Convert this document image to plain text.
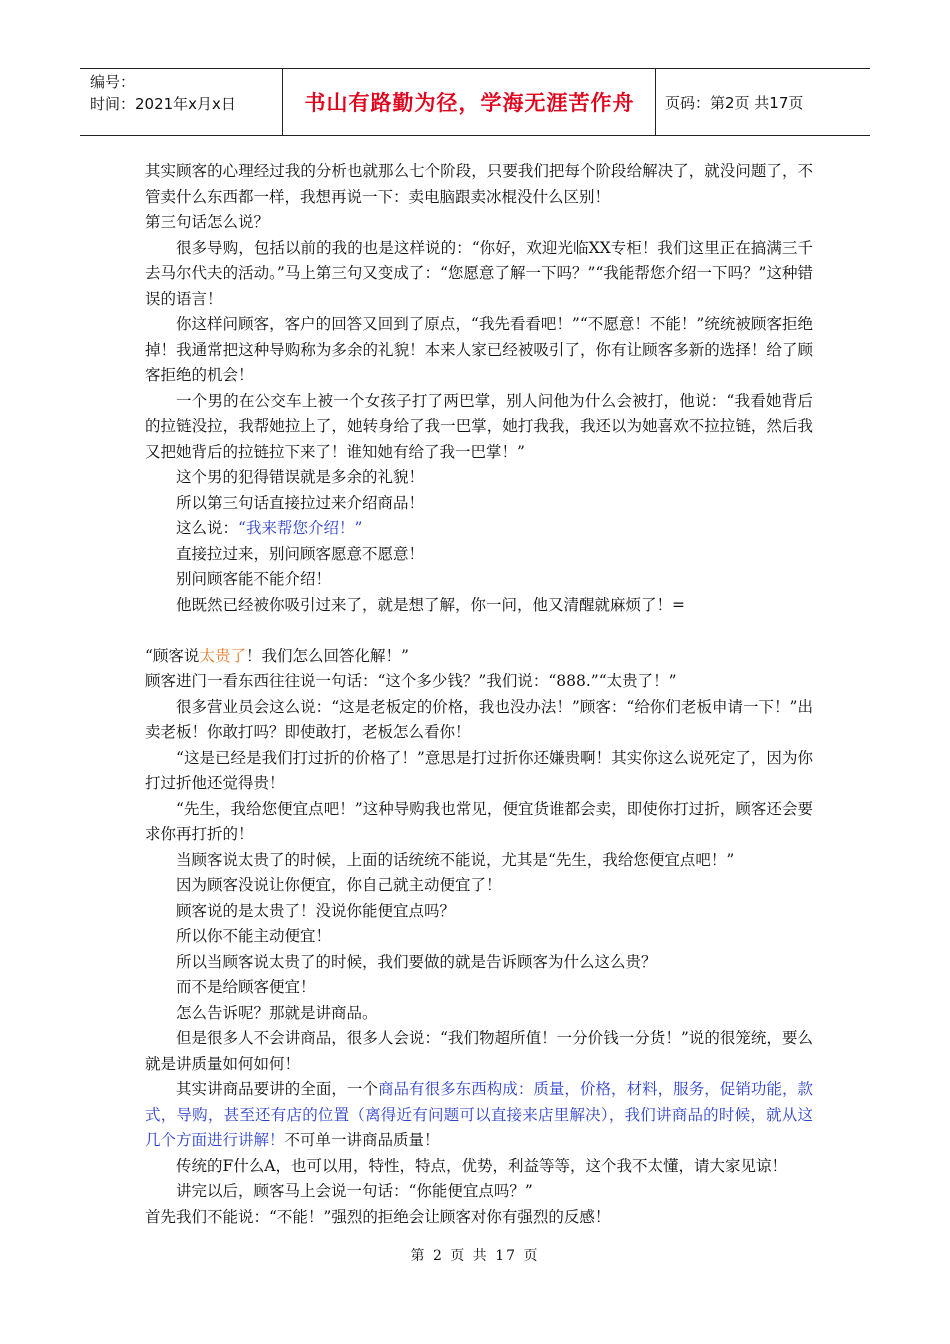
编号：
时间：2021年x月x日	书山有路勤为径，学海无涯苦作舟	页码：第2页 共17页
其实顾客的心理经过我的分析也就那么七个阶段，只要我们把每个阶段给解决了，就没问题了，不管卖什么东西都一样，我想再说一下：卖电脑跟卖冰棍没什么区别！
第三句话怎么说？
很多导购，包括以前的我的也是这样说的：“你好，欢迎光临XX专柜！我们这里正在搞满三千去马尔代夫的活动。”马上第三句又变成了：“您愿意了解一下吗？”“我能帮您介绍一下吗？”这种错误的语言！
你这样问顾客，客户的回答又回到了原点，“我先看看吧！”“不愿意！不能！”统统被顾客拒绝掉！我通常把这种导购称为多余的礼貌！本来人家已经被吸引了，你有让顾客多新的选择！给了顾客拒绝的机会！
一个男的在公交车上被一个女孩子打了两巴掌，别人问他为什么会被打，他说：“我看她背后的拉链没拉，我帮她拉上了，她转身给了我一巴掌，她打我我，我还以为她喜欢不拉拉链，然后我又把她背后的拉链拉下来了！谁知她有给了我一巴掌！”
这个男的犯得错误就是多余的礼貌！
所以第三句话直接拉过来介绍商品！
这么说：“我来帮您介绍！”
直接拉过来，别问顾客愿意不愿意！
别问顾客能不能介绍！
他既然已经被你吸引过来了，就是想了解，你一问，他又清醒就麻烦了！=
“顾客说太贵了！我们怎么回答化解！”
顾客进门一看东西往往说一句话：“这个多少钱？”我们说：“888.”“太贵了！”
很多营业员会这么说：“这是老板定的价格，我也没办法！”顾客：“给你们老板申请一下！”出卖老板！你敢打吗？即使敢打，老板怎么看你！
“这是已经是我们打过折的价格了！”意思是打过折你还嫌贵啊！其实你这么说死定了，因为你打过折他还觉得贵！
“先生，我给您便宜点吧！”这种导购我也常见，便宜货谁都会卖，即使你打过折，顾客还会要求你再打折的！
当顾客说太贵了的时候，上面的话统统不能说，尤其是“先生，我给您便宜点吧！”
因为顾客没说让你便宜，你自己就主动便宜了！
顾客说的是太贵了！没说你能便宜点吗？
所以你不能主动便宜！
所以当顾客说太贵了的时候，我们要做的就是告诉顾客为什么这么贵？
而不是给顾客便宜！
怎么告诉呢？那就是讲商品。
但是很多人不会讲商品，很多人会说：“我们物超所值！一分价钱一分货！”说的很笼统，要么就是讲质量如何如何！
其实讲商品要讲的全面，一个商品有很多东西构成：质量，价格，材料，服务，促销功能，款式，导购，甚至还有店的位置（离得近有问题可以直接来店里解决），我们讲商品的时候，就从这几个方面进行讲解！不可单一讲商品质量！
传统的F什么A，也可以用，特性，特点，优势，利益等等，这个我不太懂，请大家见谅！
讲完以后，顾客马上会说一句话：“你能便宜点吗？”
首先我们不能说：“不能！”强烈的拒绝会让顾客对你有强烈的反感！
第 2 页 共 17 页
